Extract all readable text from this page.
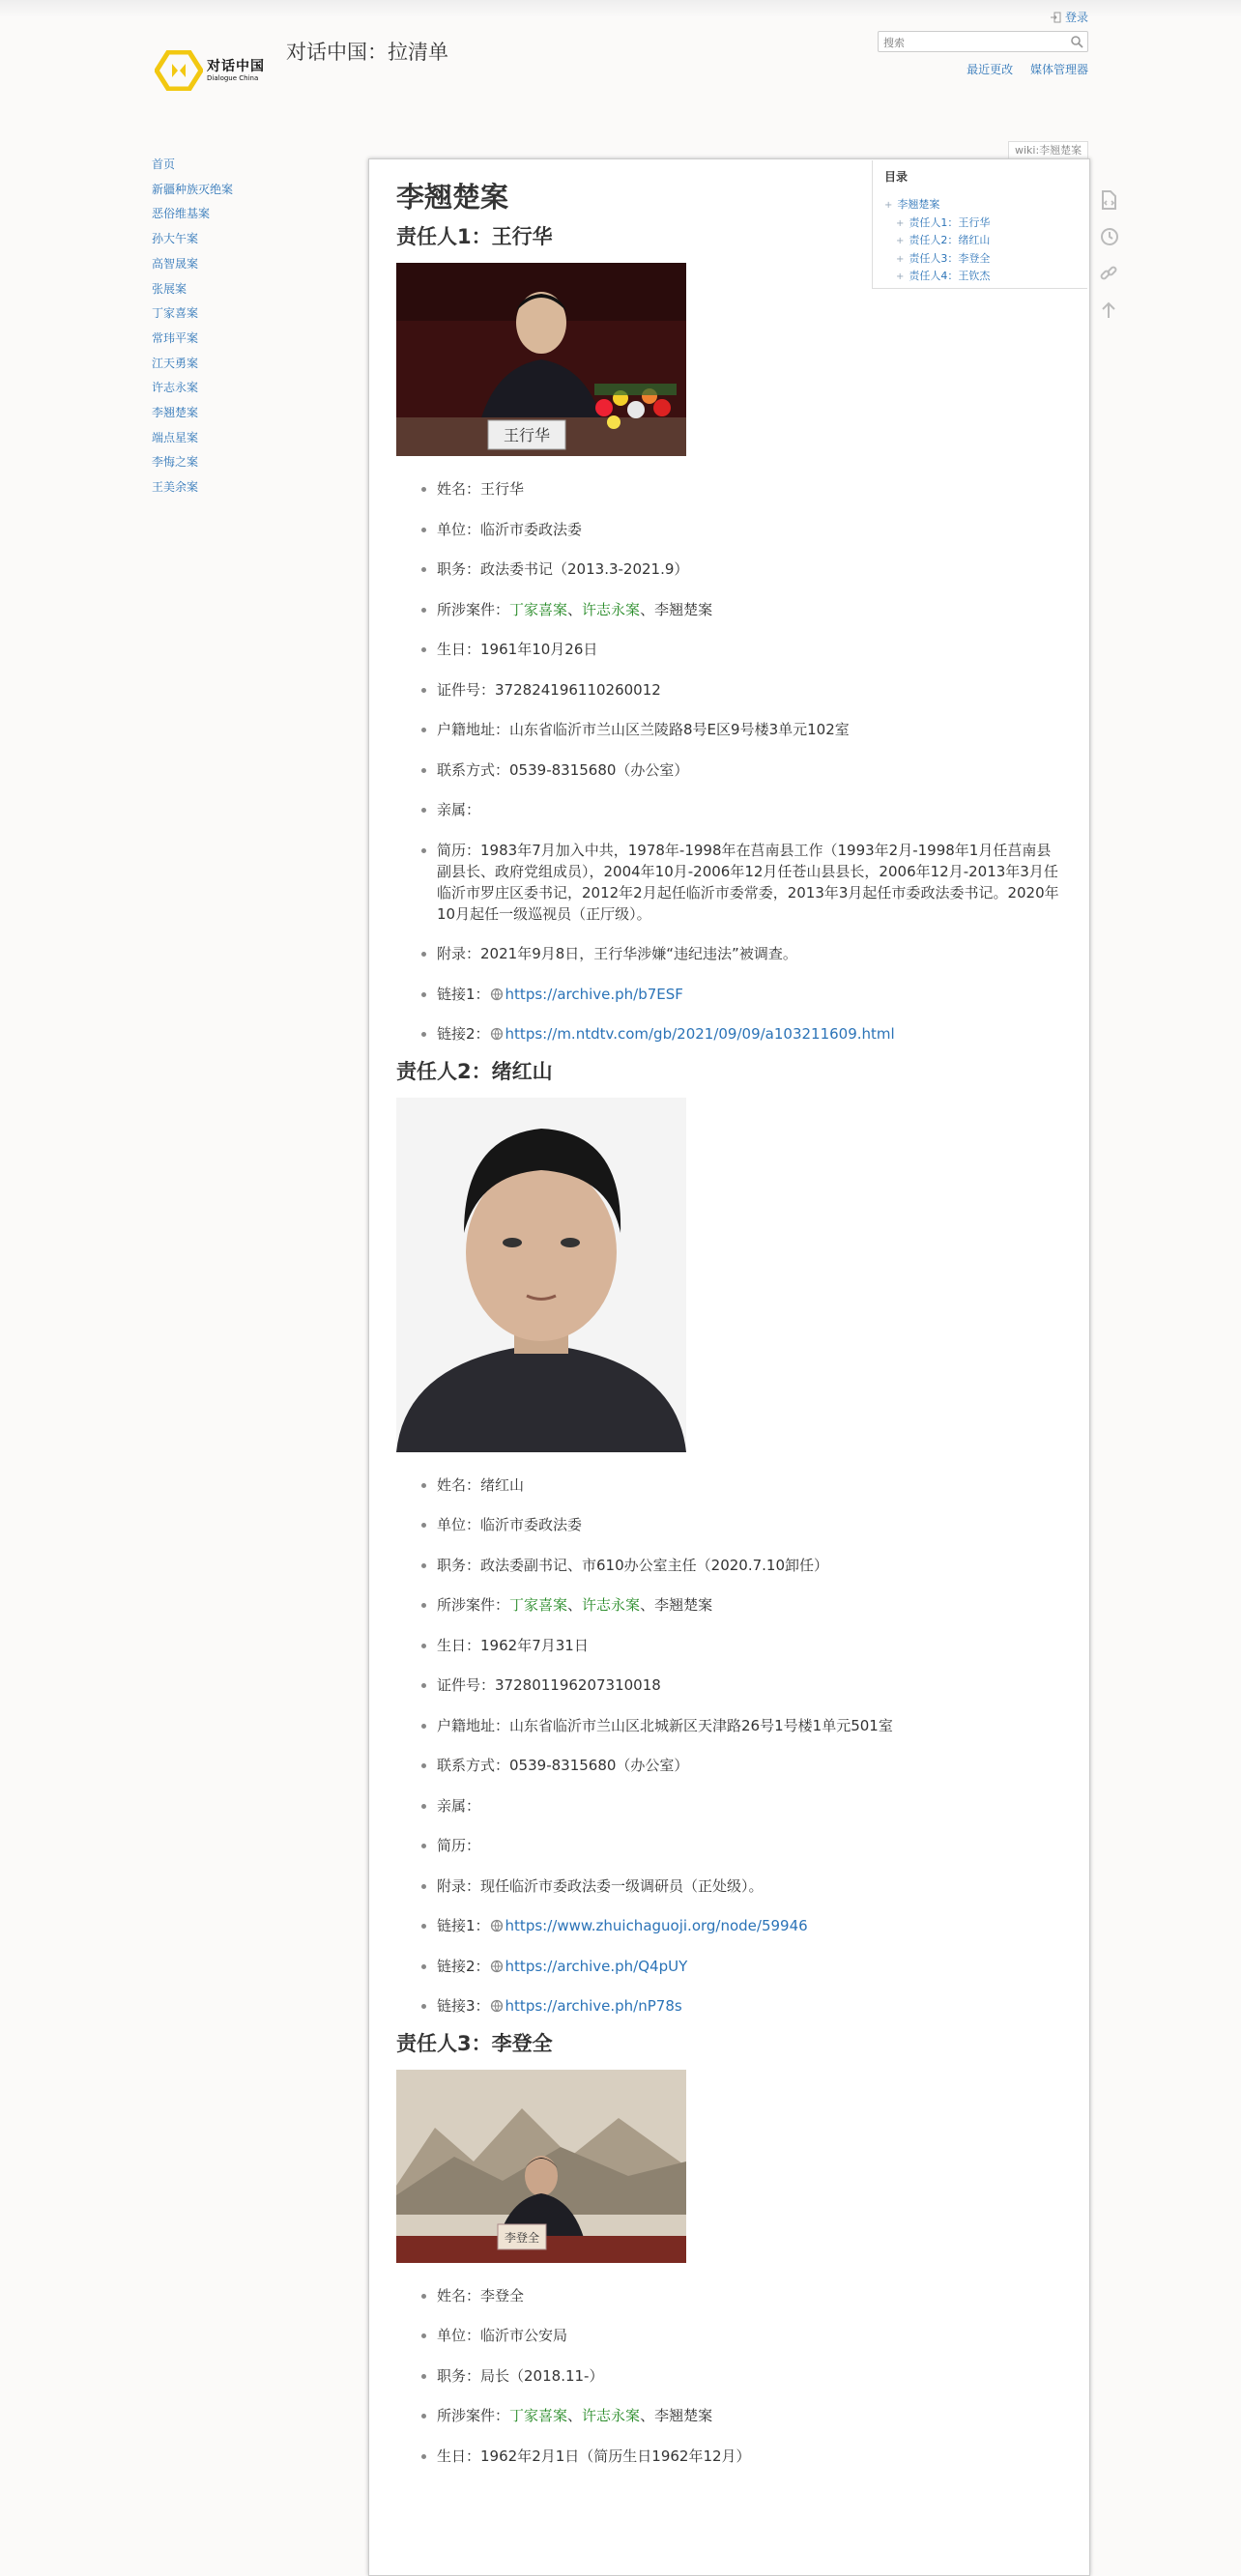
对话中国
Dialogue China
对话中国：拉清单
登录
搜索
最近更改 媒体管理器
首页
新疆种族灭绝案
恶俗维基案
孙大午案
高智晟案
张展案
丁家喜案
常玮平案
江天勇案
许志永案
李翘楚案
端点星案
李悔之案
王美余案
wiki:李翘楚案
目录
+ 李翘楚案
+ 责任人1：王行华
+ 责任人2：绪红山
+ 责任人3：李登全
+ 责任人4：王钦杰
李翘楚案
责任人1：王行华
王行华
• 姓名：王行华
• 单位：临沂市委政法委
• 职务：政法委书记（2013.3-2021.9）
• 所涉案件：丁家喜案、许志永案、李翘楚案
• 生日：1961年10月26日
• 证件号：372824196110260012
• 户籍地址：山东省临沂市兰山区兰陵路8号E区9号楼3单元102室
• 联系方式：0539-8315680（办公室）
• 亲属：
• 简历：1983年7月加入中共，1978年-1998年在莒南县工作（1993年2月-1998年1月任莒南县副县长、政府党组成员），2004年10月-2006年12月任苍山县县长，2006年12月-2013年3月任临沂市罗庄区委书记，2012年2月起任临沂市委常委，2013年3月起任市委政法委书记。2020年10月起任一级巡视员（正厅级）。
• 附录：2021年9月8日，王行华涉嫌“违纪违法”被调查。
• 链接1： https://archive.ph/b7ESF
• 链接2： https://m.ntdtv.com/gb/2021/09/09/a103211609.html
责任人2：绪红山
• 姓名：绪红山
• 单位：临沂市委政法委
• 职务：政法委副书记、市610办公室主任（2020.7.10卸任）
• 所涉案件：丁家喜案、许志永案、李翘楚案
• 生日：1962年7月31日
• 证件号：372801196207310018
• 户籍地址：山东省临沂市兰山区北城新区天津路26号1号楼1单元501室
• 联系方式：0539-8315680（办公室）
• 亲属：
• 简历：
• 附录：现任临沂市委政法委一级调研员（正处级）。
• 链接1： https://www.zhuichaguoji.org/node/59946
• 链接2： https://archive.ph/Q4pUY
• 链接3： https://archive.ph/nP78s
责任人3：李登全
李登全
• 姓名：李登全
• 单位：临沂市公安局
• 职务：局长（2018.11-）
• 所涉案件：丁家喜案、许志永案、李翘楚案
• 生日：1962年2月1日（简历生日1962年12月）
